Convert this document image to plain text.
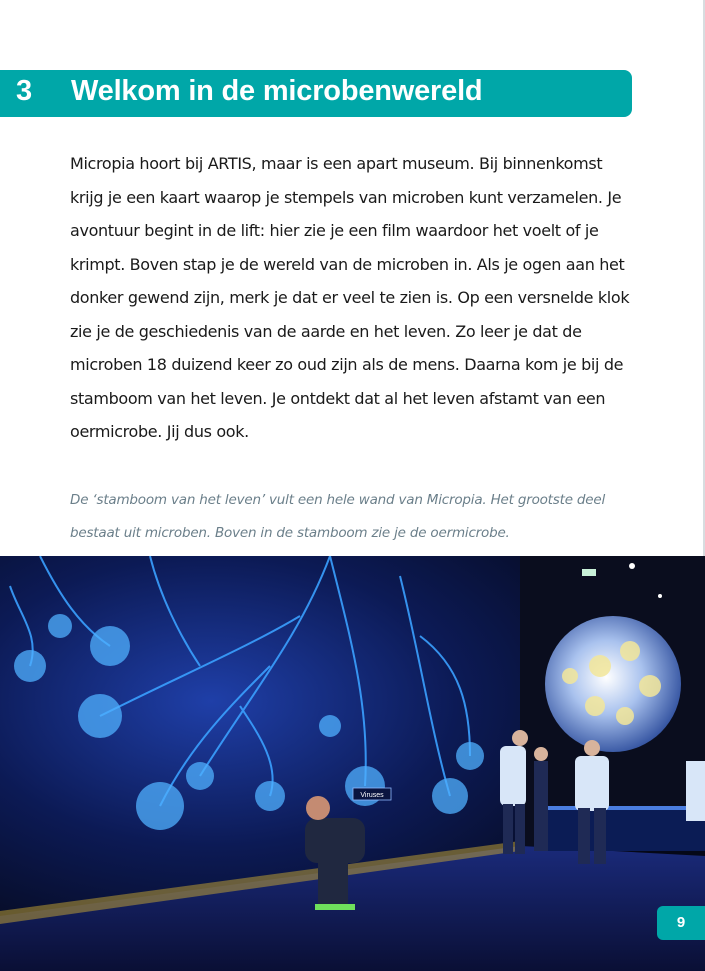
3 Welkom in de microbenwereld

Micropia hoort bij ARTIS, maar is een apart museum. Bij binnenkomst krijg je een kaart waarop je stempels van microben kunt verzamelen. Je avontuur begint in de lift: hier zie je een film waardoor het voelt of je krimpt. Boven stap je de wereld van de microben in. Als je ogen aan het donker gewend zijn, merk je dat er veel te zien is. Op een versnelde klok zie je de geschiedenis van de aarde en het leven. Zo leer je dat de microben 18 duizend keer zo oud zijn als de mens. Daarna kom je bij de stamboom van het leven. Je ontdekt dat al het leven afstamt van een oermicrobe. Jij dus ook.

De ‘stamboom van het leven’ vult een hele wand van Micropia. Het grootste deel bestaat uit microben. Boven in de stamboom zie je de oermicrobe.

Viruses
9
